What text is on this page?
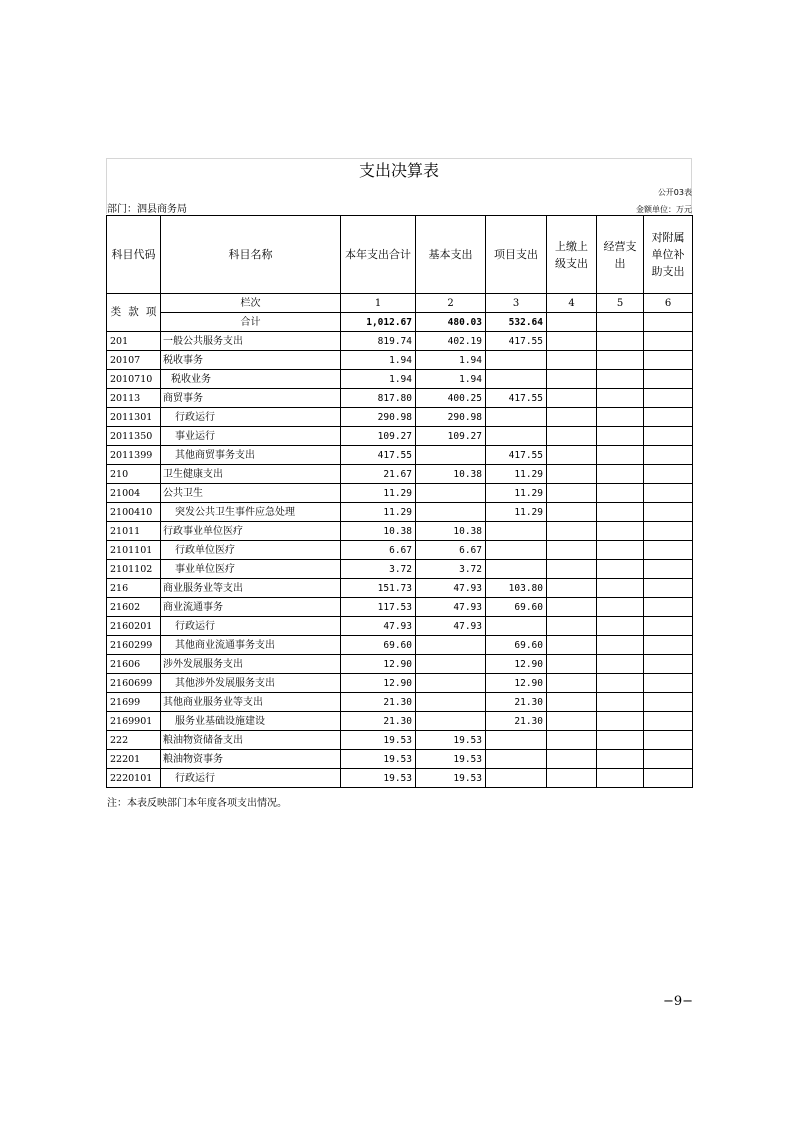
支出决算表
公开03表
部门：泗县商务局	金额单位：万元
科目代码	科目名称	本年支出合计	基本支出	项目支出	上缴上级支出	经营支出	对附属单位补助支出

类 款 项	栏次	1	2	3	4	5	6
	合计	1,012.67	480.03	532.64			
201	一般公共服务支出	819.74	402.19	417.55			
20107	税收事务	1.94	1.94				
2010710	税收业务	1.94	1.94				
20113	商贸事务	817.80	400.25	417.55			
2011301	行政运行	290.98	290.98				
2011350	事业运行	109.27	109.27				
2011399	其他商贸事务支出	417.55		417.55			
210	卫生健康支出	21.67	10.38	11.29			
21004	公共卫生	11.29		11.29			
2100410	突发公共卫生事件应急处理	11.29		11.29			
21011	行政事业单位医疗	10.38	10.38				
2101101	行政单位医疗	6.67	6.67				
2101102	事业单位医疗	3.72	3.72				
216	商业服务业等支出	151.73	47.93	103.80			
21602	商业流通事务	117.53	47.93	69.60			
2160201	行政运行	47.93	47.93				
2160299	其他商业流通事务支出	69.60		69.60			
21606	涉外发展服务支出	12.90		12.90			
2160699	其他涉外发展服务支出	12.90		12.90			
21699	其他商业服务业等支出	21.30		21.30			
2169901	服务业基础设施建设	21.30		21.30			
222	粮油物资储备支出	19.53	19.53				
22201	粮油物资事务	19.53	19.53				
2220101	行政运行	19.53	19.53				
注：本表反映部门本年度各项支出情况。
−9−
